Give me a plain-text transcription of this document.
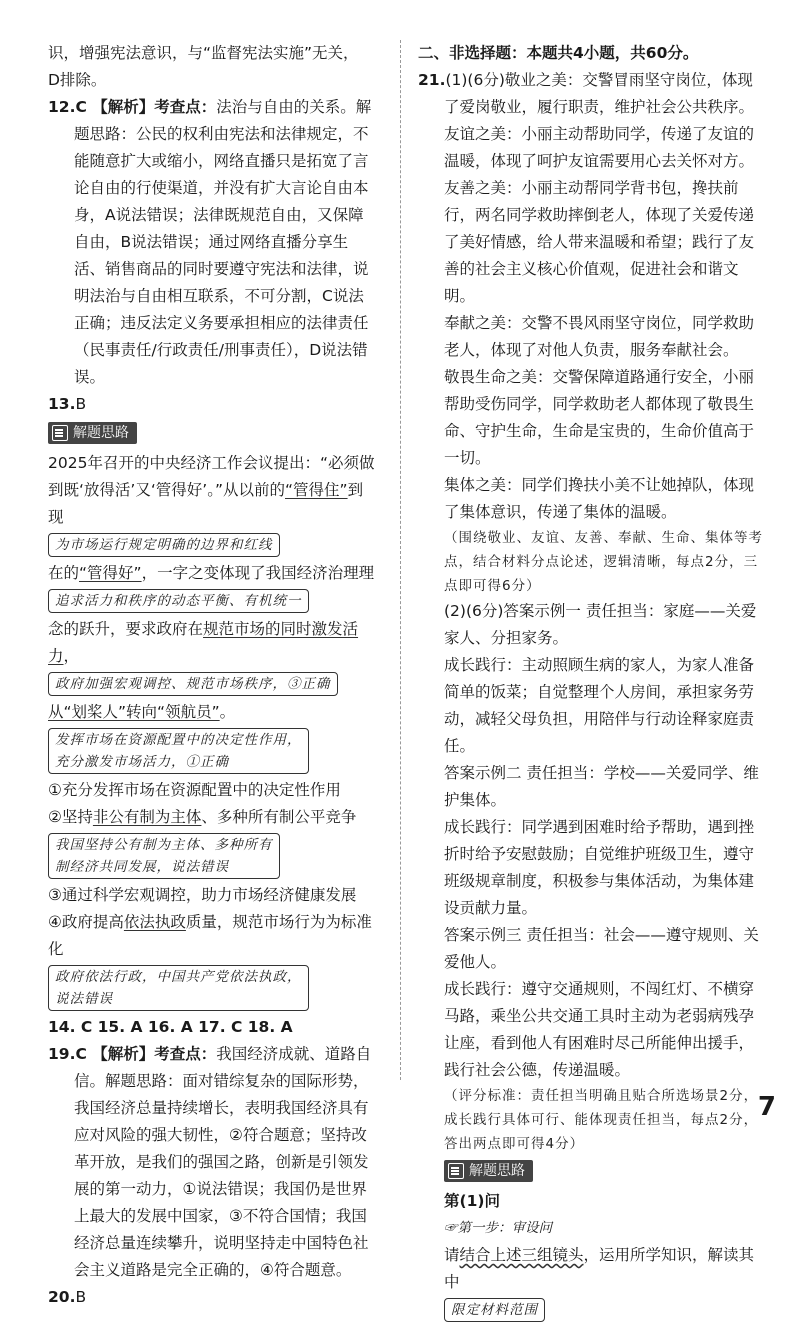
识，增强宪法意识，与“监督宪法实施”无关，
D排除。

12.C 【解析】考查点：法治与自由的关系。解题思路：公民的权利由宪法和法律规定，不能随意扩大或缩小，网络直播只是拓宽了言论自由的行使渠道，并没有扩大言论自由本身，A说法错误；法律既规范自由，又保障自由，B说法错误；通过网络直播分享生活、销售商品的同时要遵守宪法和法律，说明法治与自由相互联系，不可分割，C说法正确；违反法定义务要承担相应的法律责任（民事责任/行政责任/刑事责任），D说法错误。

13.B

解题思路

2025年召开的中央经济工作会议提出：“必须做到既‘放得活’又‘管得好’。”从以前的“管得住”到现

为市场运行规定明确的边界和红线

在的“管得好”，一字之变体现了我国经济治理理

追求活力和秩序的动态平衡、有机统一

念的跃升，要求政府在规范市场的同时激发活力，

政府加强宏观调控、规范市场秩序，③正确

从“划桨人”转向“领航员”。

发挥市场在资源配置中的决定性作用，
充分激发市场活力，①正确

①充分发挥市场在资源配置中的决定性作用

②坚持非公有制为主体、多种所有制公平竞争

我国坚持公有制为主体、多种所有
制经济共同发展，说法错误

③通过科学宏观调控，助力市场经济健康发展

④政府提高依法执政质量，规范市场行为为标准化

政府依法行政，中国共产党依法执政，
说法错误

14. C 15. A 16. A 17. C 18. A

19.C 【解析】考查点：我国经济成就、道路自信。解题思路：面对错综复杂的国际形势，我国经济总量持续增长，表明我国经济具有应对风险的强大韧性，②符合题意；坚持改革开放，是我们的强国之路，创新是引领发展的第一动力，①说法错误；我国仍是世界上最大的发展中国家，③不符合国情；我国经济总量连续攀升，说明坚持走中国特色社会主义道路是完全正确的，④符合题意。

20.B

二、非选择题：本题共4小题，共60分。

21.(1)(6分)敬业之美：交警冒雨坚守岗位，体现了爱岗敬业，履行职责，维护社会公共秩序。

友谊之美：小丽主动帮助同学，传递了友谊的温暖，体现了呵护友谊需要用心去关怀对方。

友善之美：小丽主动帮同学背书包，搀扶前行，两名同学救助摔倒老人，体现了关爱传递了美好情感，给人带来温暖和希望；践行了友善的社会主义核心价值观，促进社会和谐文明。

奉献之美：交警不畏风雨坚守岗位，同学救助老人，体现了对他人负责，服务奉献社会。

敬畏生命之美：交警保障道路通行安全，小丽帮助受伤同学，同学救助老人都体现了敬畏生命、守护生命，生命是宝贵的，生命价值高于一切。

集体之美：同学们搀扶小美不让她掉队，体现了集体意识，传递了集体的温暖。

（围绕敬业、友谊、友善、奉献、生命、集体等考点，结合材料分点论述，逻辑清晰，每点2分，三点即可得6分）

(2)(6分)答案示例一 责任担当：家庭——关爱家人、分担家务。

成长践行：主动照顾生病的家人，为家人准备简单的饭菜；自觉整理个人房间，承担家务劳动，减轻父母负担，用陪伴与行动诠释家庭责任。

答案示例二 责任担当：学校——关爱同学、维护集体。

成长践行：同学遇到困难时给予帮助，遇到挫折时给予安慰鼓励；自觉维护班级卫生，遵守班级规章制度，积极参与集体活动，为集体建设贡献力量。

答案示例三 责任担当：社会——遵守规则、关爱他人。

成长践行：遵守交通规则，不闯红灯、不横穿马路，乘坐公共交通工具时主动为老弱病残孕让座，看到他人有困难时尽己所能伸出援手，践行社会公德，传递温暖。

（评分标准：责任担当明确且贴合所选场景2分，成长践行具体可行、能体现责任担当，每点2分，答出两点即可得4分）

解题思路

第(1)问

☞第一步：审设问

请结合上述三组镜头，运用所学知识，解读其中

限定材料范围
7
